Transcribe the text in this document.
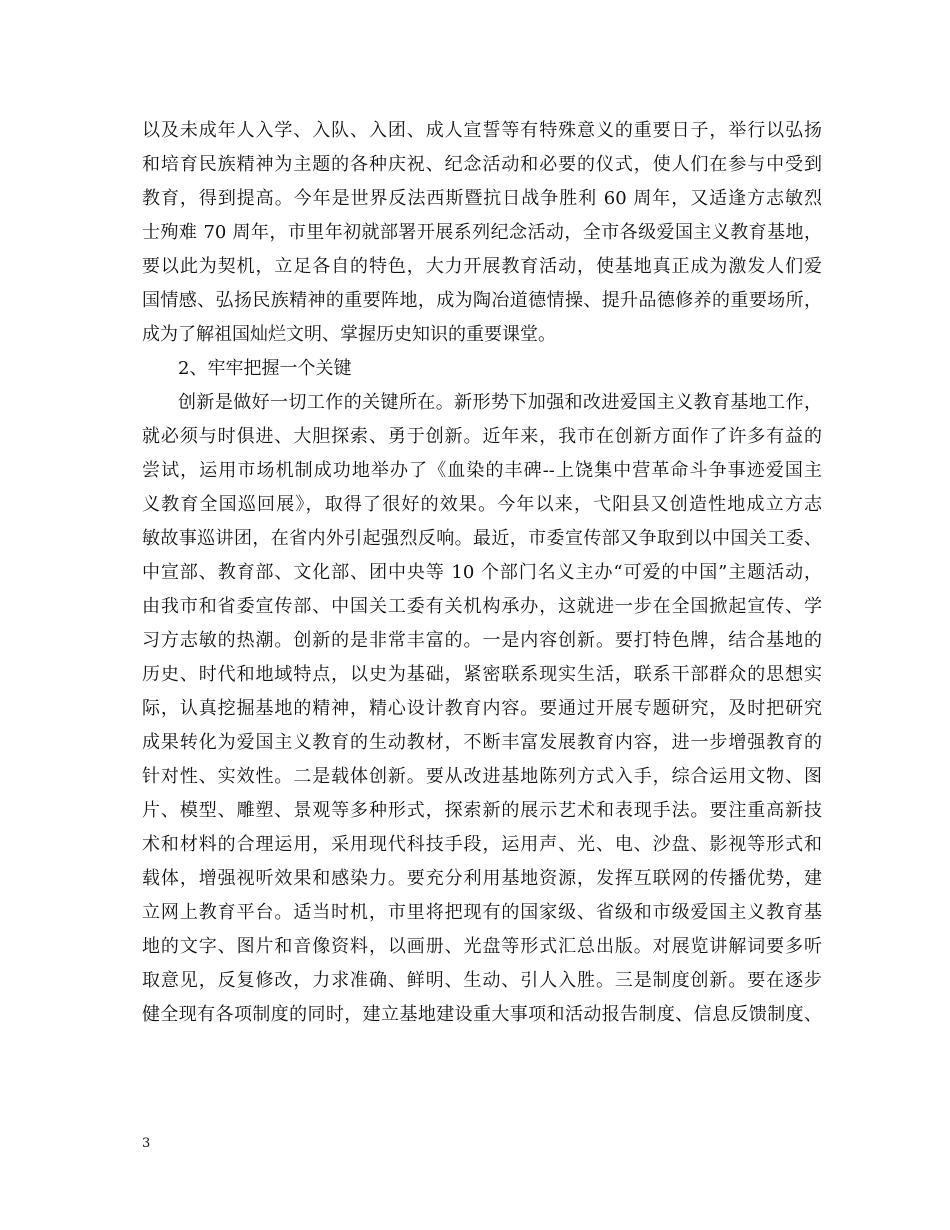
以及未成年人入学、入队、入团、成人宣誓等有特殊意义的重要日子，举行以弘扬
和培育民族精神为主题的各种庆祝、纪念活动和必要的仪式，使人们在参与中受到
教育，得到提高。今年是世界反法西斯暨抗日战争胜利 60 周年，又适逢方志敏烈
士殉难 70 周年，市里年初就部署开展系列纪念活动，全市各级爱国主义教育基地，
要以此为契机，立足各自的特色，大力开展教育活动，使基地真正成为激发人们爱
国情感、弘扬民族精神的重要阵地，成为陶冶道德情操、提升品德修养的重要场所，
成为了解祖国灿烂文明、掌握历史知识的重要课堂。
2、牢牢把握一个关键
创新是做好一切工作的关键所在。新形势下加强和改进爱国主义教育基地工作，
就必须与时俱进、大胆探索、勇于创新。近年来，我市在创新方面作了许多有益的
尝试，运用市场机制成功地举办了《血染的丰碑--上饶集中营革命斗争事迹爱国主
义教育全国巡回展》，取得了很好的效果。今年以来，弋阳县又创造性地成立方志
敏故事巡讲团，在省内外引起强烈反响。最近，市委宣传部又争取到以中国关工委、
中宣部、教育部、文化部、团中央等 10 个部门名义主办“可爱的中国”主题活动，
由我市和省委宣传部、中国关工委有关机构承办，这就进一步在全国掀起宣传、学
习方志敏的热潮。创新的是非常丰富的。一是内容创新。要打特色牌，结合基地的
历史、时代和地域特点，以史为基础，紧密联系现实生活，联系干部群众的思想实
际，认真挖掘基地的精神，精心设计教育内容。要通过开展专题研究，及时把研究
成果转化为爱国主义教育的生动教材，不断丰富发展教育内容，进一步增强教育的
针对性、实效性。二是载体创新。要从改进基地陈列方式入手，综合运用文物、图
片、模型、雕塑、景观等多种形式，探索新的展示艺术和表现手法。要注重高新技
术和材料的合理运用，采用现代科技手段，运用声、光、电、沙盘、影视等形式和
载体，增强视听效果和感染力。要充分利用基地资源，发挥互联网的传播优势，建
立网上教育平台。适当时机，市里将把现有的国家级、省级和市级爱国主义教育基
地的文字、图片和音像资料，以画册、光盘等形式汇总出版。对展览讲解词要多听
取意见，反复修改，力求准确、鲜明、生动、引人入胜。三是制度创新。要在逐步
健全现有各项制度的同时，建立基地建设重大事项和活动报告制度、信息反馈制度、
3
